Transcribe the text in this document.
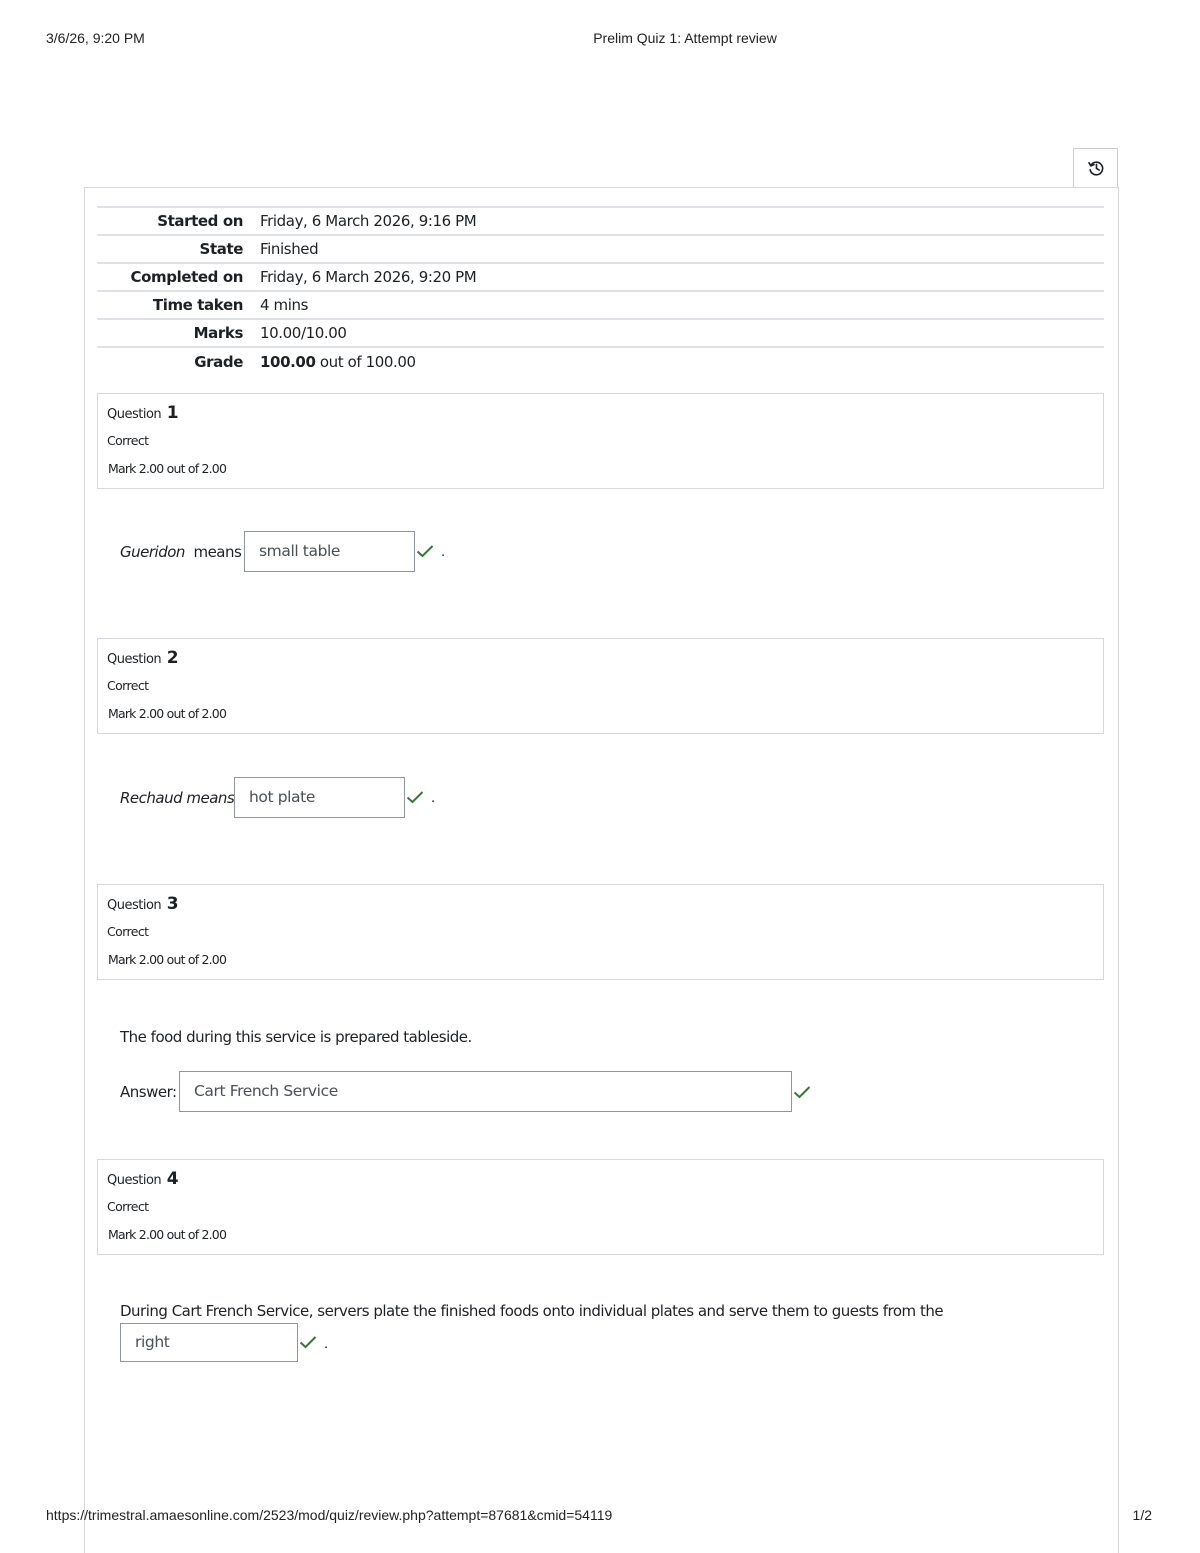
3/6/26, 9:20 PM	Prelim Quiz 1: Attempt review
Started on	Friday, 6 March 2026, 9:16 PM
State	Finished
Completed on	Friday, 6 March 2026, 9:20 PM
Time taken	4 mins
Marks	10.00/10.00
Grade	100.00 out of 100.00
Question 1
Correct
Mark 2.00 out of 2.00
Gueridon means	small table	.
Question 2
Correct
Mark 2.00 out of 2.00
Rechaud means hot plate	.
Question 3
Correct
Mark 2.00 out of 2.00
The food during this service is prepared tableside.
Answer:	Cart French Service
Question 4
Correct
Mark 2.00 out of 2.00
During Cart French Service, servers plate the finished foods onto individual plates and serve them to guests from the
right	.
https://trimestral.amaesonline.com/2523/mod/quiz/review.php?attempt=87681&cmid=54119	1/2
